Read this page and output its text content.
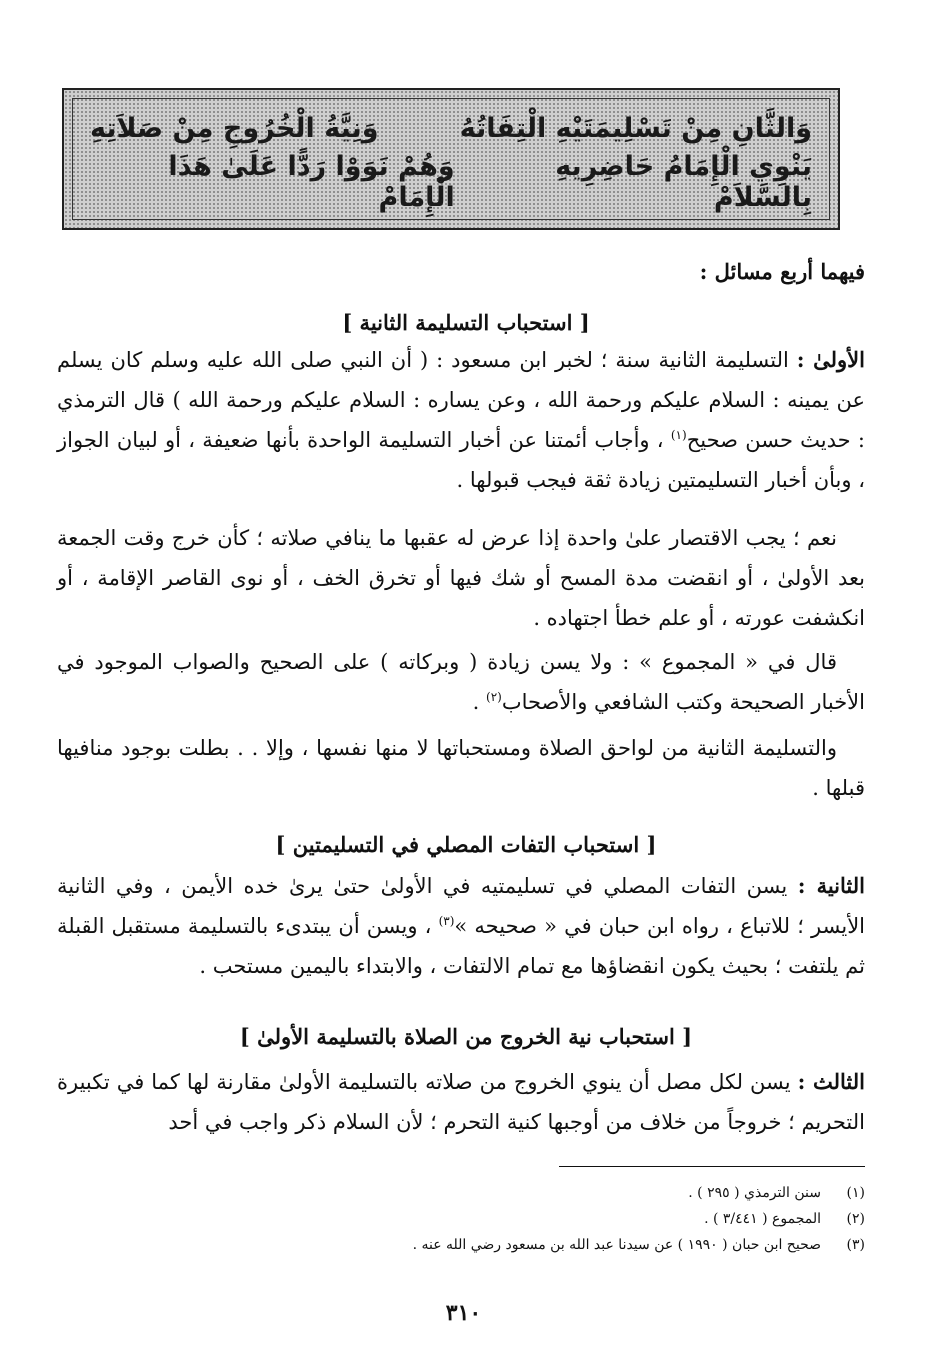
وَالثَّانِ مِنْ تَسْلِيمَتَيْهِ الْتِفَاتُهُ
وَنِيَّةُ الْخُرُوجِ مِنْ صَلاَتِهِ
يَنْوِي الْإِمَامُ حَاضِرِيهِ بِالسَّلاَمْ
وَهُمْ نَوَوْا رَدًّا عَلَىٰ هَذَا الْإِمَامْ
فيهما أربع مسائل :
[ استحباب التسليمة الثانية ]
الأولىٰ : التسليمة الثانية سنة ؛ لخبر ابن مسعود : ( أن النبي صلى الله عليه وسلم كان يسلم عن يمينه : السلام عليكم ورحمة الله ، وعن يساره : السلام عليكم ورحمة الله ) قال الترمذي : حديث حسن صحيح$^{(١)}$ ، وأجاب أئمتنا عن أخبار التسليمة الواحدة بأنها ضعيفة ، أو لبيان الجواز ، وبأن أخبار التسليمتين زيادة ثقة فيجب قبولها .
نعم ؛ يجب الاقتصار علىٰ واحدة إذا عرض له عقبها ما ينافي صلاته ؛ كأن خرج وقت الجمعة بعد الأولىٰ ، أو انقضت مدة المسح أو شك فيها أو تخرق الخف ، أو نوى القاصر الإقامة ، أو انكشفت عورته ، أو علم خطأ اجتهاده .
قال في « المجموع » : ولا يسن زيادة ( وبركاته ) على الصحيح والصواب الموجود في الأخبار الصحيحة وكتب الشافعي والأصحاب$^{(٢)}$ .
والتسليمة الثانية من لواحق الصلاة ومستحباتها لا منها نفسها ، وإلا . . بطلت بوجود منافيها قبلها .
[ استحباب التفات المصلي في التسليمتين ]
الثانية : يسن التفات المصلي في تسليمتيه في الأولىٰ حتىٰ يرىٰ خده الأيمن ، وفي الثانية الأيسر ؛ للاتباع ، رواه ابن حبان في « صحيحه »$^{(٣)}$ ، ويسن أن يبتدىء بالتسليمة مستقبل القبلة ثم يلتفت ؛ بحيث يكون انقضاؤها مع تمام الالتفات ، والابتداء باليمين مستحب .
[ استحباب نية الخروج من الصلاة بالتسليمة الأولىٰ ]
الثالث : يسن لكل مصل أن ينوي الخروج من صلاته بالتسليمة الأولىٰ مقارنة لها كما في تكبيرة التحريم ؛ خروجاً من خلاف من أوجبها كنية التحرم ؛ لأن السلام ذكر واجب في أحد
(١)
سنن الترمذي ( ٢٩٥ ) .
(٢)
المجموع ( ٣/٤٤١ ) .
(٣)
صحيح ابن حبان ( ١٩٩٠ ) عن سيدنا عبد الله بن مسعود رضي الله عنه .
٣١٠
